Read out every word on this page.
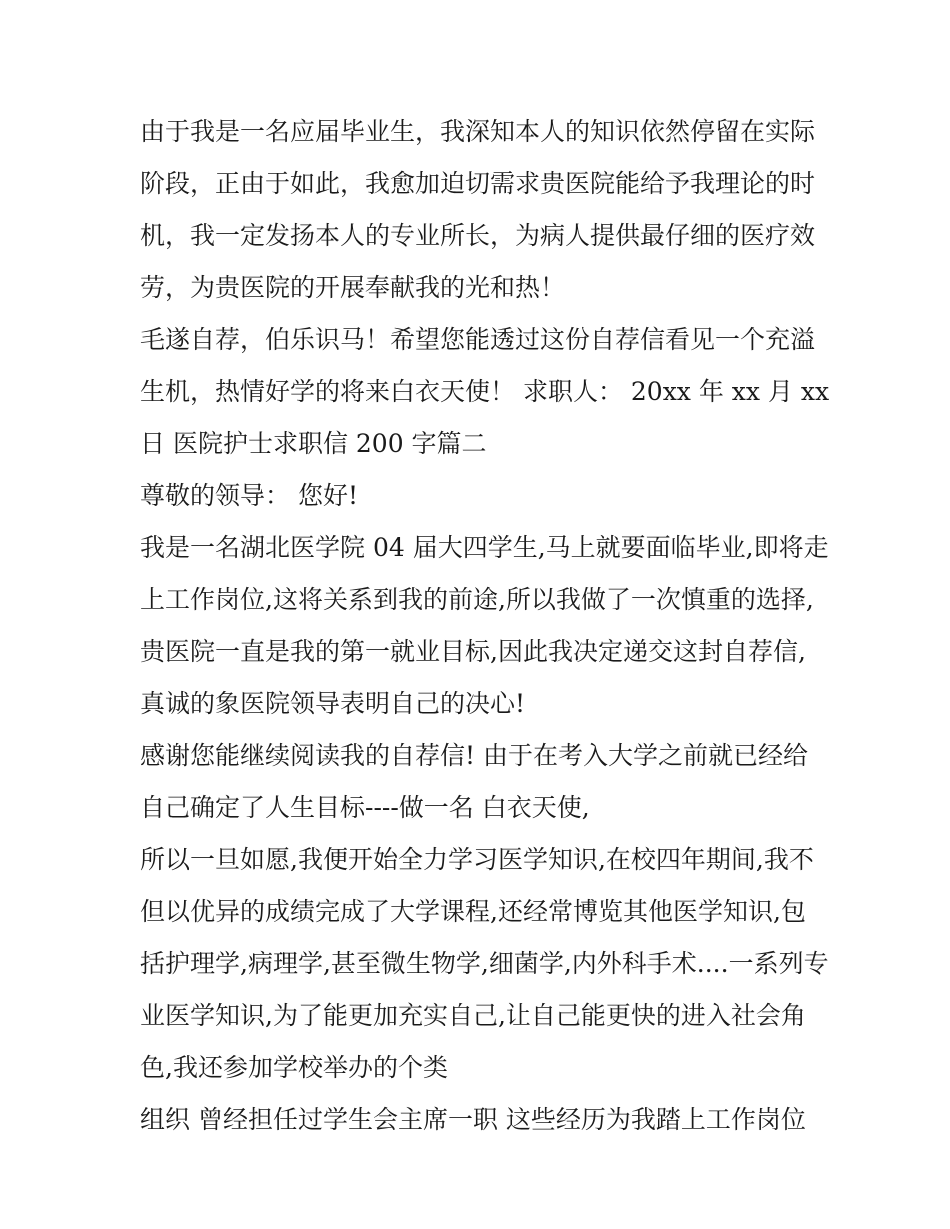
由于我是一名应届毕业生，我深知本人的知识依然停留在实际
阶段，正由于如此，我愈加迫切需求贵医院能给予我理论的时
机，我一定发扬本人的专业所长，为病人提供最仔细的医疗效
劳，为贵医院的开展奉献我的光和热！
毛遂自荐，伯乐识马！希望您能透过这份自荐信看见一个充溢
生机，热情好学的将来白衣天使！ 求职人： 20xx 年 xx 月 xx
日 医院护士求职信 200 字篇二
尊敬的领导： 您好!
我是一名湖北医学院 04 届大四学生,马上就要面临毕业,即将走
上工作岗位,这将关系到我的前途,所以我做了一次慎重的选择,
贵医院一直是我的第一就业目标,因此我决定递交这封自荐信,
真诚的象医院领导表明自己的决心!
感谢您能继续阅读我的自荐信! 由于在考入大学之前就已经给
自己确定了人生目标----做一名 白衣天使,
所以一旦如愿,我便开始全力学习医学知识,在校四年期间,我不
但以优异的成绩完成了大学课程,还经常博览其他医学知识,包
括护理学,病理学,甚至微生物学,细菌学,内外科手术....一系列专
业医学知识,为了能更加充实自己,让自己能更快的进入社会角
色,我还参加学校举办的个类
组织 曾经担任过学生会主席一职 这些经历为我踏上工作岗位
